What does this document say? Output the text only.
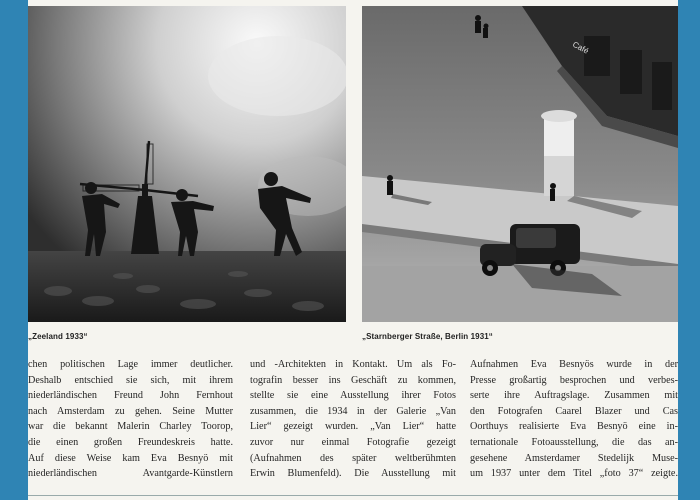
Café
„Zeeland 1933“	„Starnberger Straße, Berlin 1931“

chen politischen Lage immer deutlicher.

Deshalb entschied sie sich, mit ihrem

niederländischen Freund John Fernhout

nach Amsterdam zu gehen. Seine Mutter

war die bekannt Malerin Charley Toorop,

die einen großen Freundeskreis hatte.

Auf diese Weise kam Eva Besnyö mit

niederländischen Avantgarde-Künstlern

und -Architekten in Kontakt. Um als Fo-

tografin besser ins Geschäft zu kommen,

stellte sie eine Ausstellung ihrer Fotos

zusammen, die 1934 in der Galerie „Van

Lier“ gezeigt wurden. „Van Lier“ hatte

zuvor nur einmal Fotografie gezeigt

(Aufnahmen des später weltberühmten

Erwin Blumenfeld). Die Ausstellung mit

Aufnahmen Eva Besnyös wurde in der

Presse großartig besprochen und verbes-

serte ihre Auftragslage. Zusammen mit

den Fotografen Caarel Blazer und Cas

Oorthuys realisierte Eva Besnyö eine in-

ternationale Fotoausstellung, die das an-

gesehene Amsterdamer Stedelijk Muse-

um 1937 unter dem Titel „foto 37“ zeigte.
